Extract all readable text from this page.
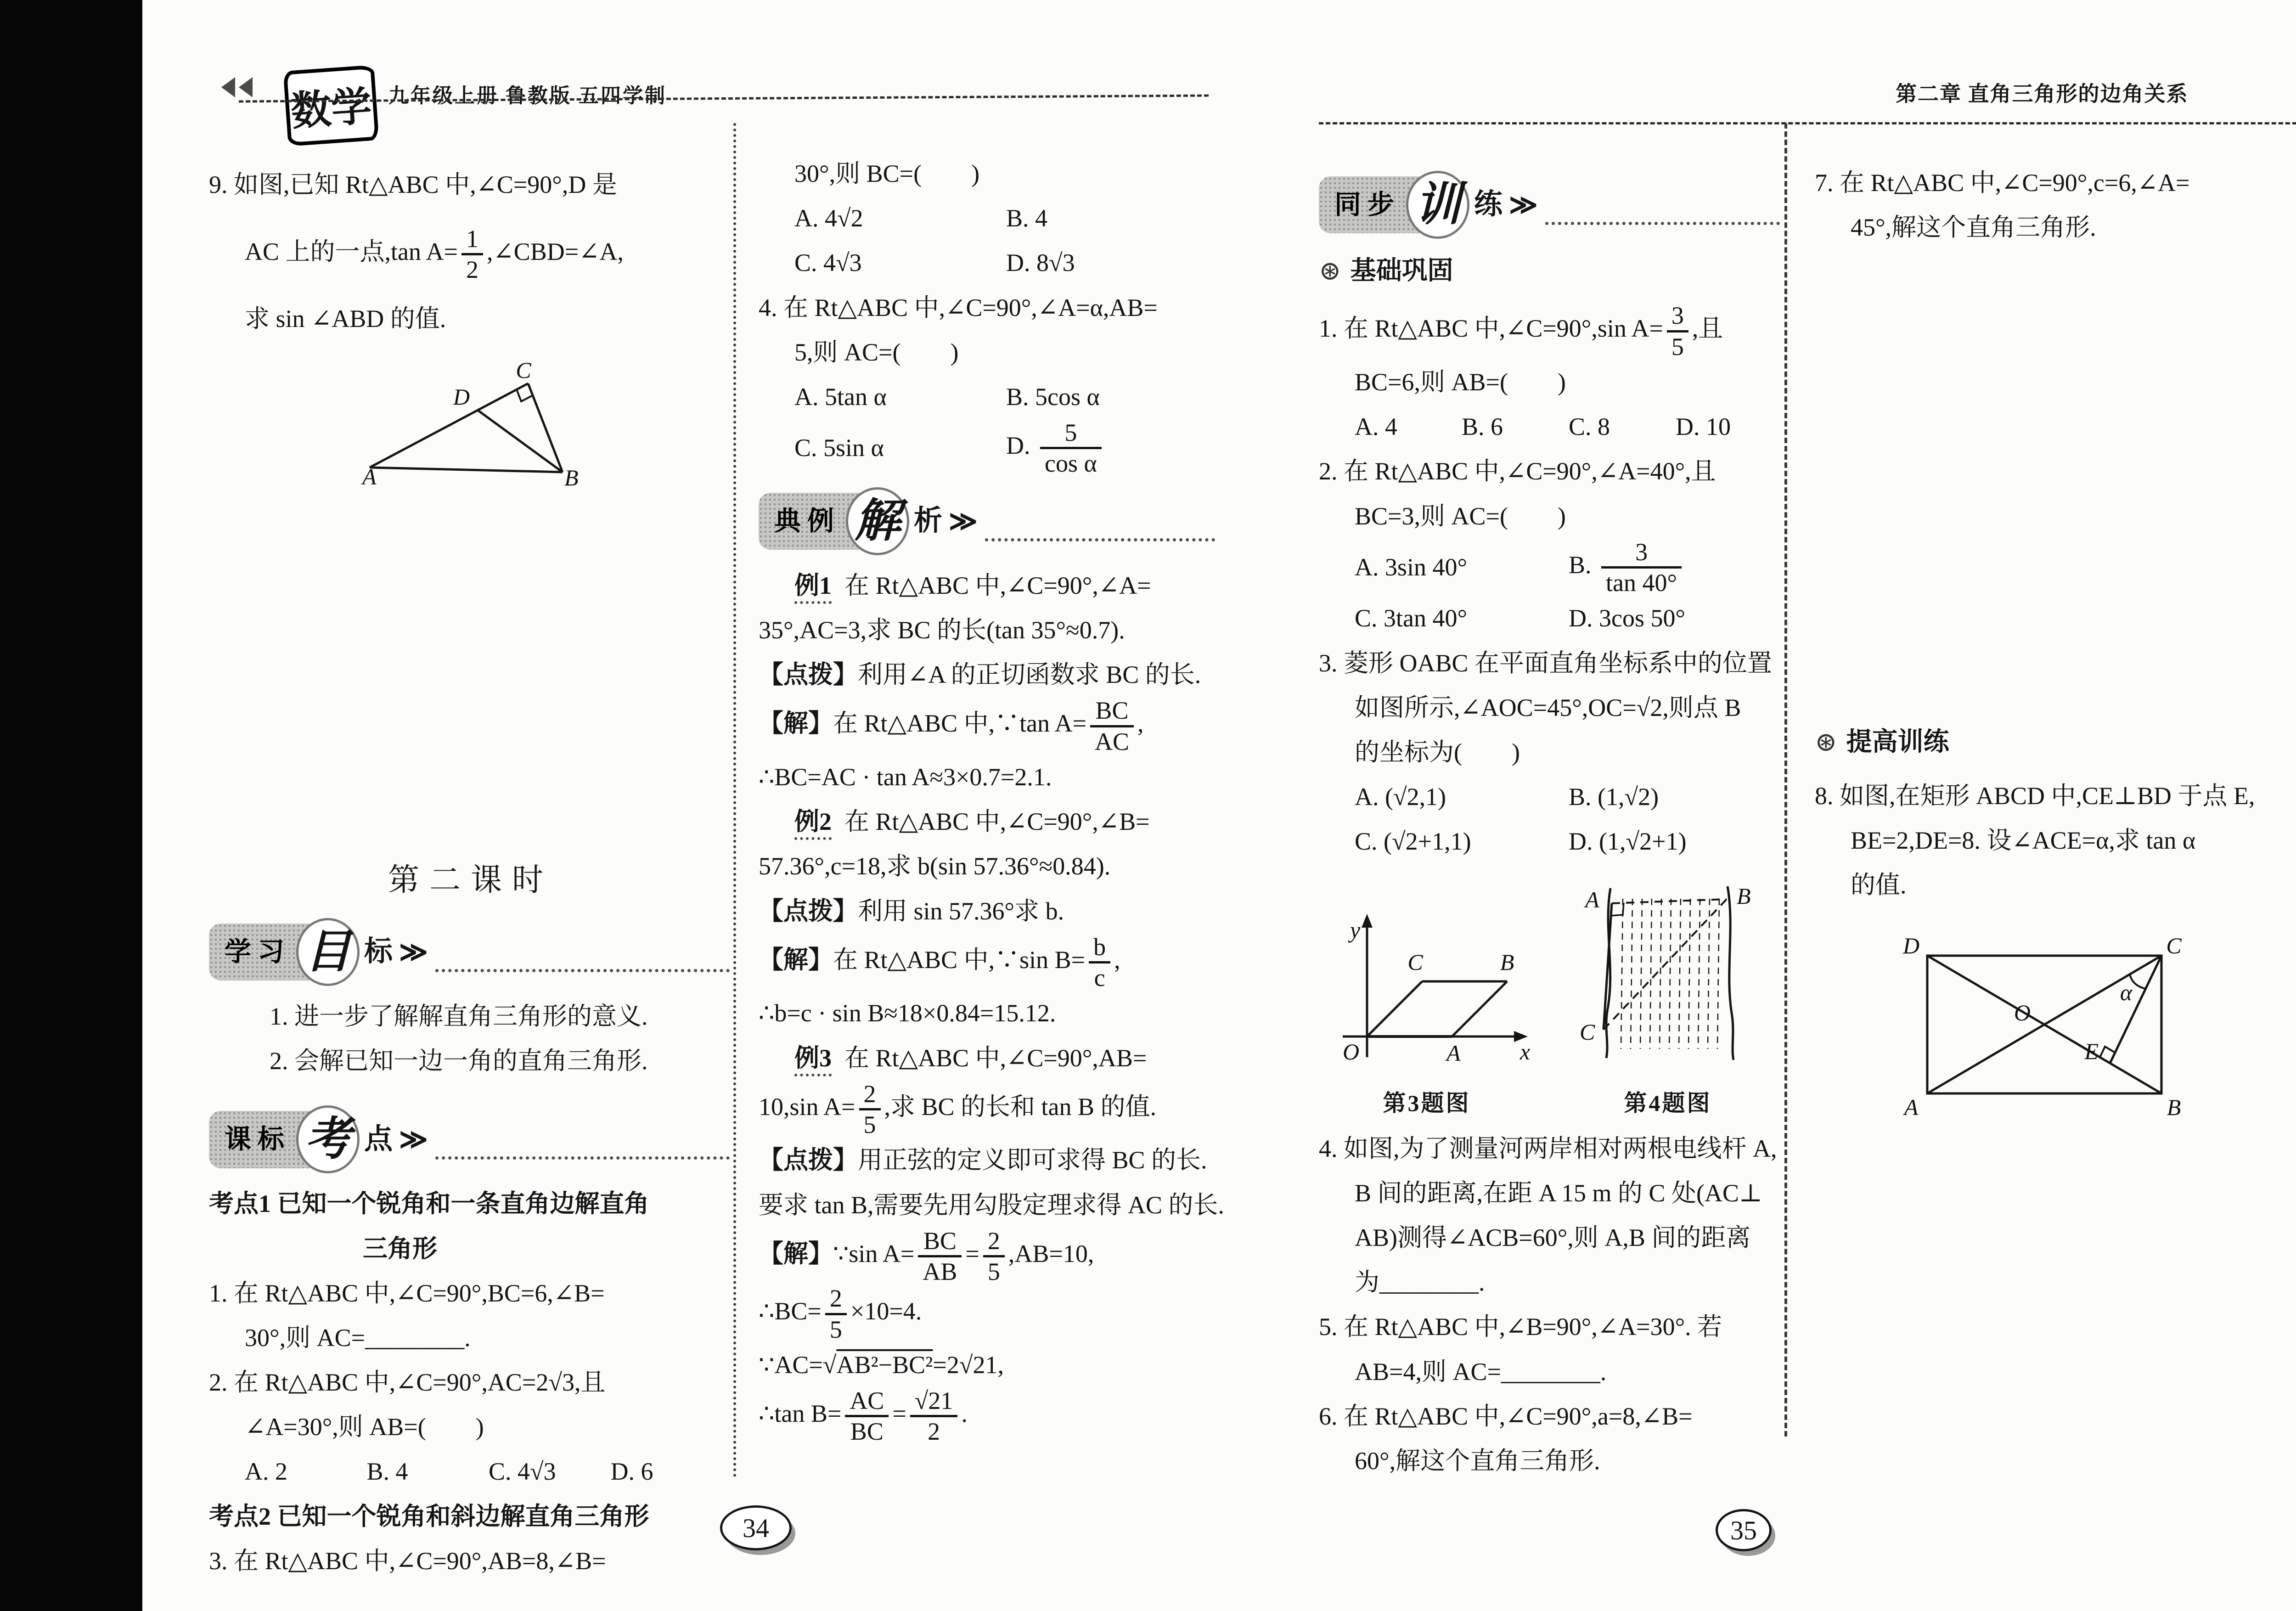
数学 九年级上册 鲁教版 五四学制	第二章 直角三角形的边角关系
9. 如图,已知 Rt△ABC 中,∠C=90°,D 是
AC 上的一点,tan $A= \frac{1}{2}$ ,∠CBD=∠A,
求 sin ∠ABD 的值.
C
D
A	B
第二课时
学习 目 标 ≫
1. 进一步了解解直角三角形的意义.
2. 会解已知一边一角的直角三角形.
课标 考 点 ≫
考点1 已知一个锐角和一条直角边解直角
三角形
1. 在 Rt△ABC 中,∠C=90°,BC=6,∠B=
30°,则 AC=________.
2. 在 Rt△ABC 中,∠C=90°,AC=2√3,且
∠A=30°,则 AB=(　　)
A. 2	B. 4	C. 4√3	D. 6
考点2 已知一个锐角和斜边解直角三角形
3. 在 Rt△ABC 中,∠C=90°,AB=8,∠B=
30°,则 BC=(　　)
A. 4√2	B. 4
C. 4√3	D. 8√3
4. 在 Rt△ABC 中,∠C=90°,∠A=α,AB=
5,则 AC=(　　)
A. 5tan α	B. 5cos α
C. 5sin α	D. $\frac{5}{\text{cos α}}$
典例 解 析 ≫
例1 在 Rt△ABC 中,∠C=90°,∠A=
35°,AC=3,求 BC 的长(tan 35°≈0.7).
【点拨】利用∠A 的正切函数求 BC 的长.
【解】在 Rt△ABC 中,∵tan $A= \frac{BC}{AC}$ ,
∴BC=AC · tan A≈3×0.7=2.1.
例2 在 Rt△ABC 中,∠C=90°,∠B=
57.36°,c=18,求 b(sin 57.36°≈0.84).
【点拨】利用 sin 57.36°求 b.
【解】在 Rt△ABC 中,∵sin $B= \frac{b}{c}$ ,
∴b=c · sin B≈18×0.84=15.12.
例3 在 Rt△ABC 中,∠C=90°,AB=
10,sin $A= \frac{2}{5}$ ,求 BC 的长和 tan B 的值.
【点拨】用正弦的定义即可求得 BC 的长.
要求 tan B,需要先用勾股定理求得 AC 的长.
【解】∵sin $A= \frac{BC}{AB} = \frac{2}{5} ,AB=10$,
∴BC= $\frac{2}{5} \times 10=4$.
∵AC=√AB²−BC²=2√21,
∴tan $B= \frac{AC}{BC} = \frac{√21}{2}$ .
同步 训 练 ≫
⊛ 基础巩固
1. 在 Rt△ABC 中,∠C=90°,sin $A= \frac{3}{5}$ ,且
BC=6,则 AB=(　　)
A. 4	B. 6	C. 8	D. 10
2. 在 Rt△ABC 中,∠C=90°,∠A=40°,且
BC=3,则 AC=(　　)
A. 3sin 40°	B. $\frac{3}{\tan 40^\circ}$
C. 3tan 40°	D. 3cos 50°
3. 菱形 OABC 在平面直角坐标系中的位置
如图所示,∠AOC=45°,OC=√2,则点 B
的坐标为(　　)
A. (√2,1)	B. (1,√2)
C. (√2+1,1)	D. (1,√2+1)
y
x
O
C	B
A
第3题图
A	B
C
第4题图
4. 如图,为了测量河两岸相对两根电线杆 A,
B 间的距离,在距 A 15 m 的 C 处(AC⊥
AB)测得∠ACB=60°,则 A,B 间的距离
为________.
5. 在 Rt△ABC 中,∠B=90°,∠A=30°. 若
AB=4,则 AC=________.
6. 在 Rt△ABC 中,∠C=90°,a=8,∠B=
60°,解这个直角三角形.
7. 在 Rt△ABC 中,∠C=90°,c=6,∠A=
45°,解这个直角三角形.
⊛ 提高训练
8. 如图,在矩形 ABCD 中,CE⊥BD 于点 E,
BE=2,DE=8. 设∠ACE=α,求 tan α
的值.
D	C
A	B
O
E
α
34	35
